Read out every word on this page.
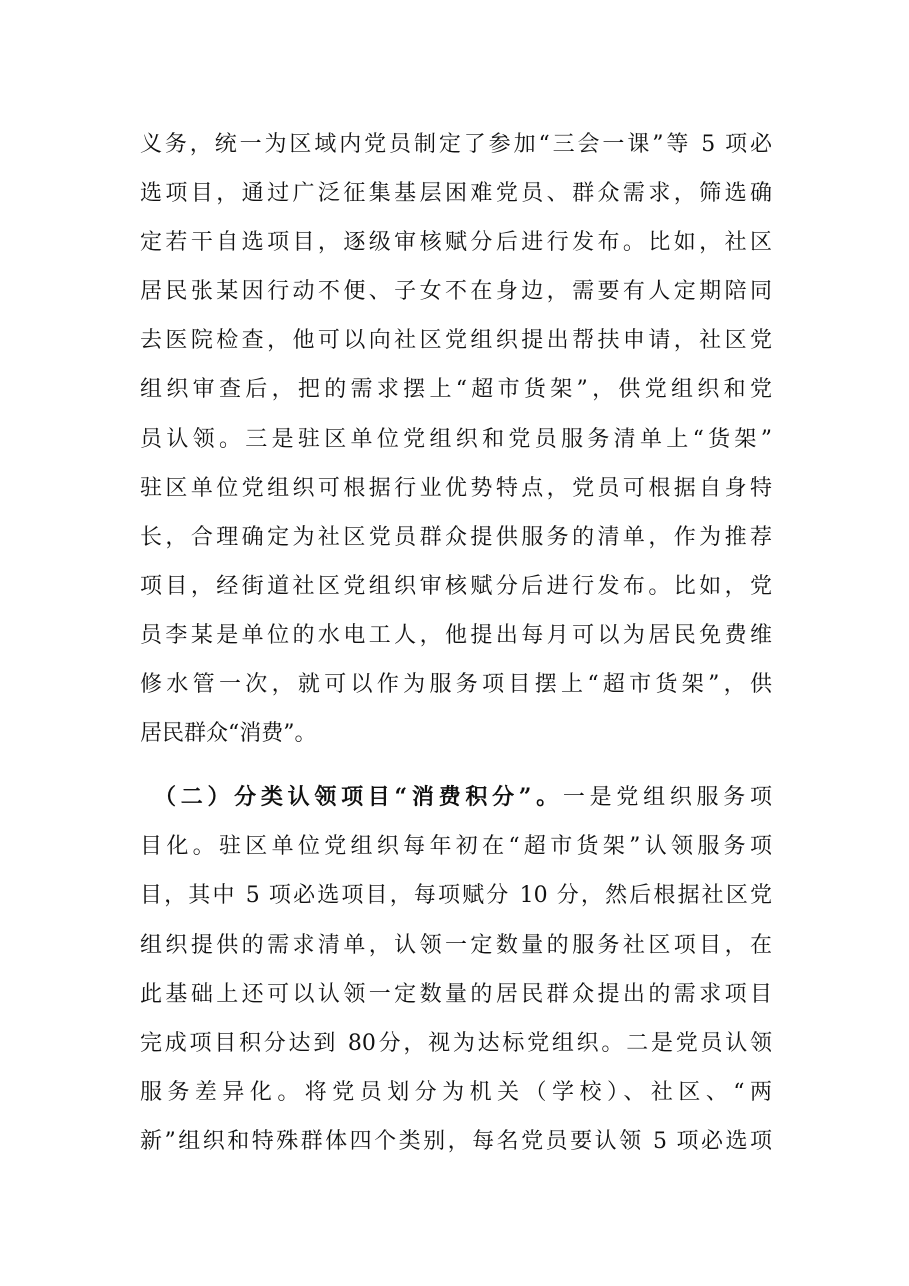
义务，统一为区域内党员制定了参加“三会一课”等 5 项必
选项目，通过广泛征集基层困难党员、群众需求，筛选确
定若干自选项目，逐级审核赋分后进行发布。比如，社区
居民张某因行动不便、子女不在身边，需要有人定期陪同
去医院检查，他可以向社区党组织提出帮扶申请，社区党
组织审查后，把的需求摆上“超市货架”，供党组织和党
员认领。三是驻区单位党组织和党员服务清单上“货架”
驻区单位党组织可根据行业优势特点，党员可根据自身特
长，合理确定为社区党员群众提供服务的清单，作为推荐
项目，经街道社区党组织审核赋分后进行发布。比如，党
员李某是单位的水电工人，他提出每月可以为居民免费维
修水管一次，就可以作为服务项目摆上“超市货架”，供
居民群众“消费”。
（二）分类认领项目“消费积分”。一是党组织服务项
目化。驻区单位党组织每年初在“超市货架”认领服务项
目，其中 5 项必选项目，每项赋分 10 分，然后根据社区党
组织提供的需求清单，认领一定数量的服务社区项目，在
此基础上还可以认领一定数量的居民群众提出的需求项目
完成项目积分达到 80分，视为达标党组织。二是党员认领
服务差异化。将党员划分为机关（学校）、社区、“两
新”组织和特殊群体四个类别，每名党员要认领 5 项必选项
